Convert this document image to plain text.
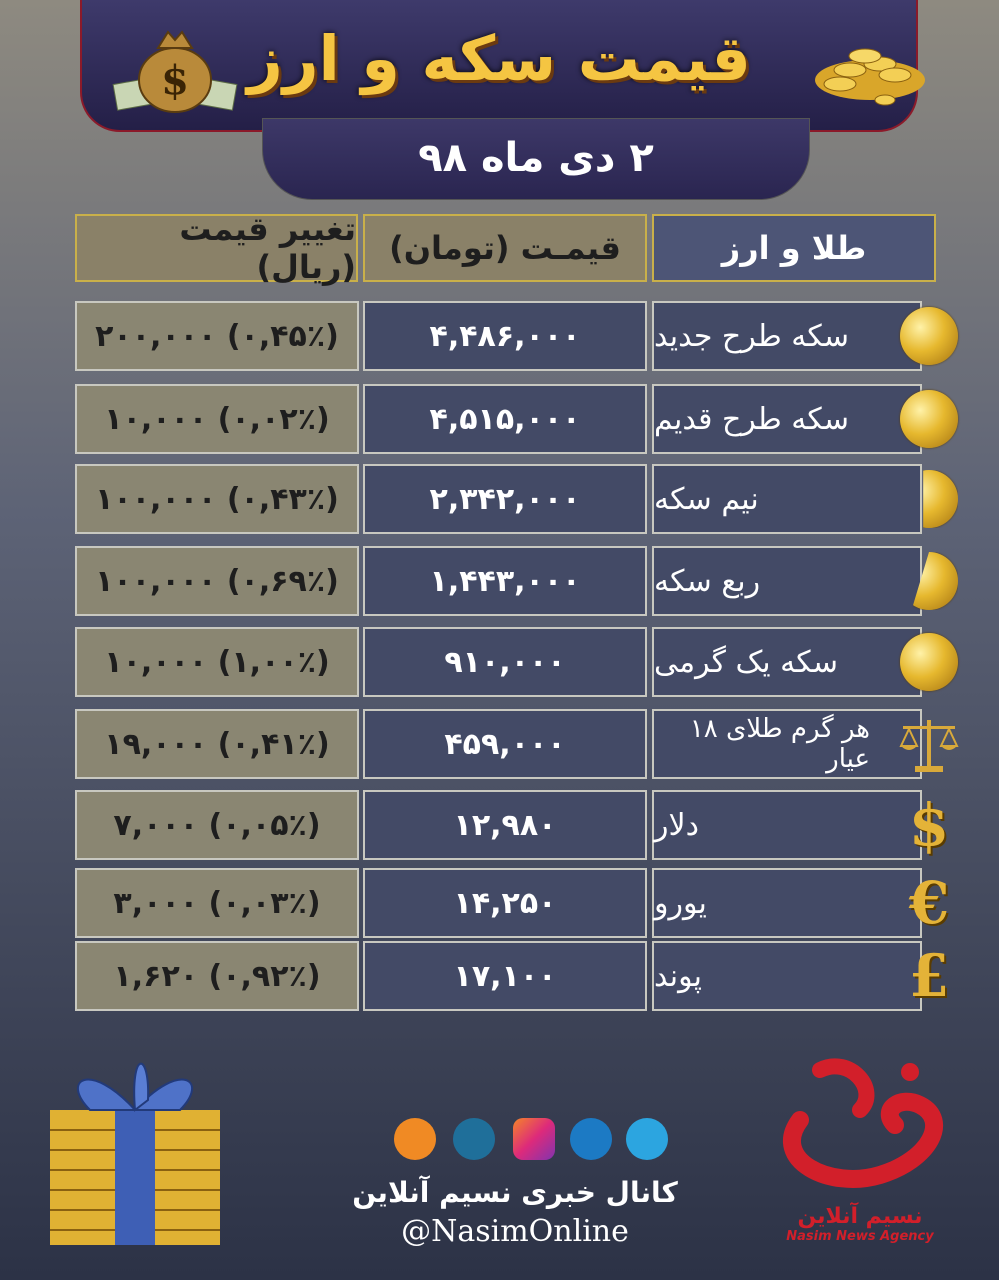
قیمت سکه و ارز
$
۲ دی ماه ۹۸
تغییر قیمت (ریال)	قیمـت (تومان)	طلا و ارز
۲۰۰,۰۰۰ (۰,۴۵٪)	۴,۴۸۶,۰۰۰	سکه طرح جدید
۱۰,۰۰۰ (۰,۰۲٪)	۴,۵۱۵,۰۰۰	سکه طرح قدیم
۱۰۰,۰۰۰ (۰,۴۳٪)	۲,۳۴۲,۰۰۰	نیم سکه
۱۰۰,۰۰۰ (۰,۶۹٪)	۱,۴۴۳,۰۰۰	ربع سکه
۱۰,۰۰۰ (۱,۰۰٪)	۹۱۰,۰۰۰	سکه یک گرمی
۱۹,۰۰۰ (۰,۴۱٪)	۴۵۹,۰۰۰	هر گرم طلای ۱۸ عیار
۷,۰۰۰ (۰,۰۵٪)	۱۲,۹۸۰	دلار	$
۳,۰۰۰ (۰,۰۳٪)	۱۴,۲۵۰	یورو	€
۱,۶۲۰ (۰,۹۲٪)	۱۷,۱۰۰	پوند	£
کانال خبری نسیم آنلاین
@NasimOnline	نسیم آنلاین
Nasim News Agency
